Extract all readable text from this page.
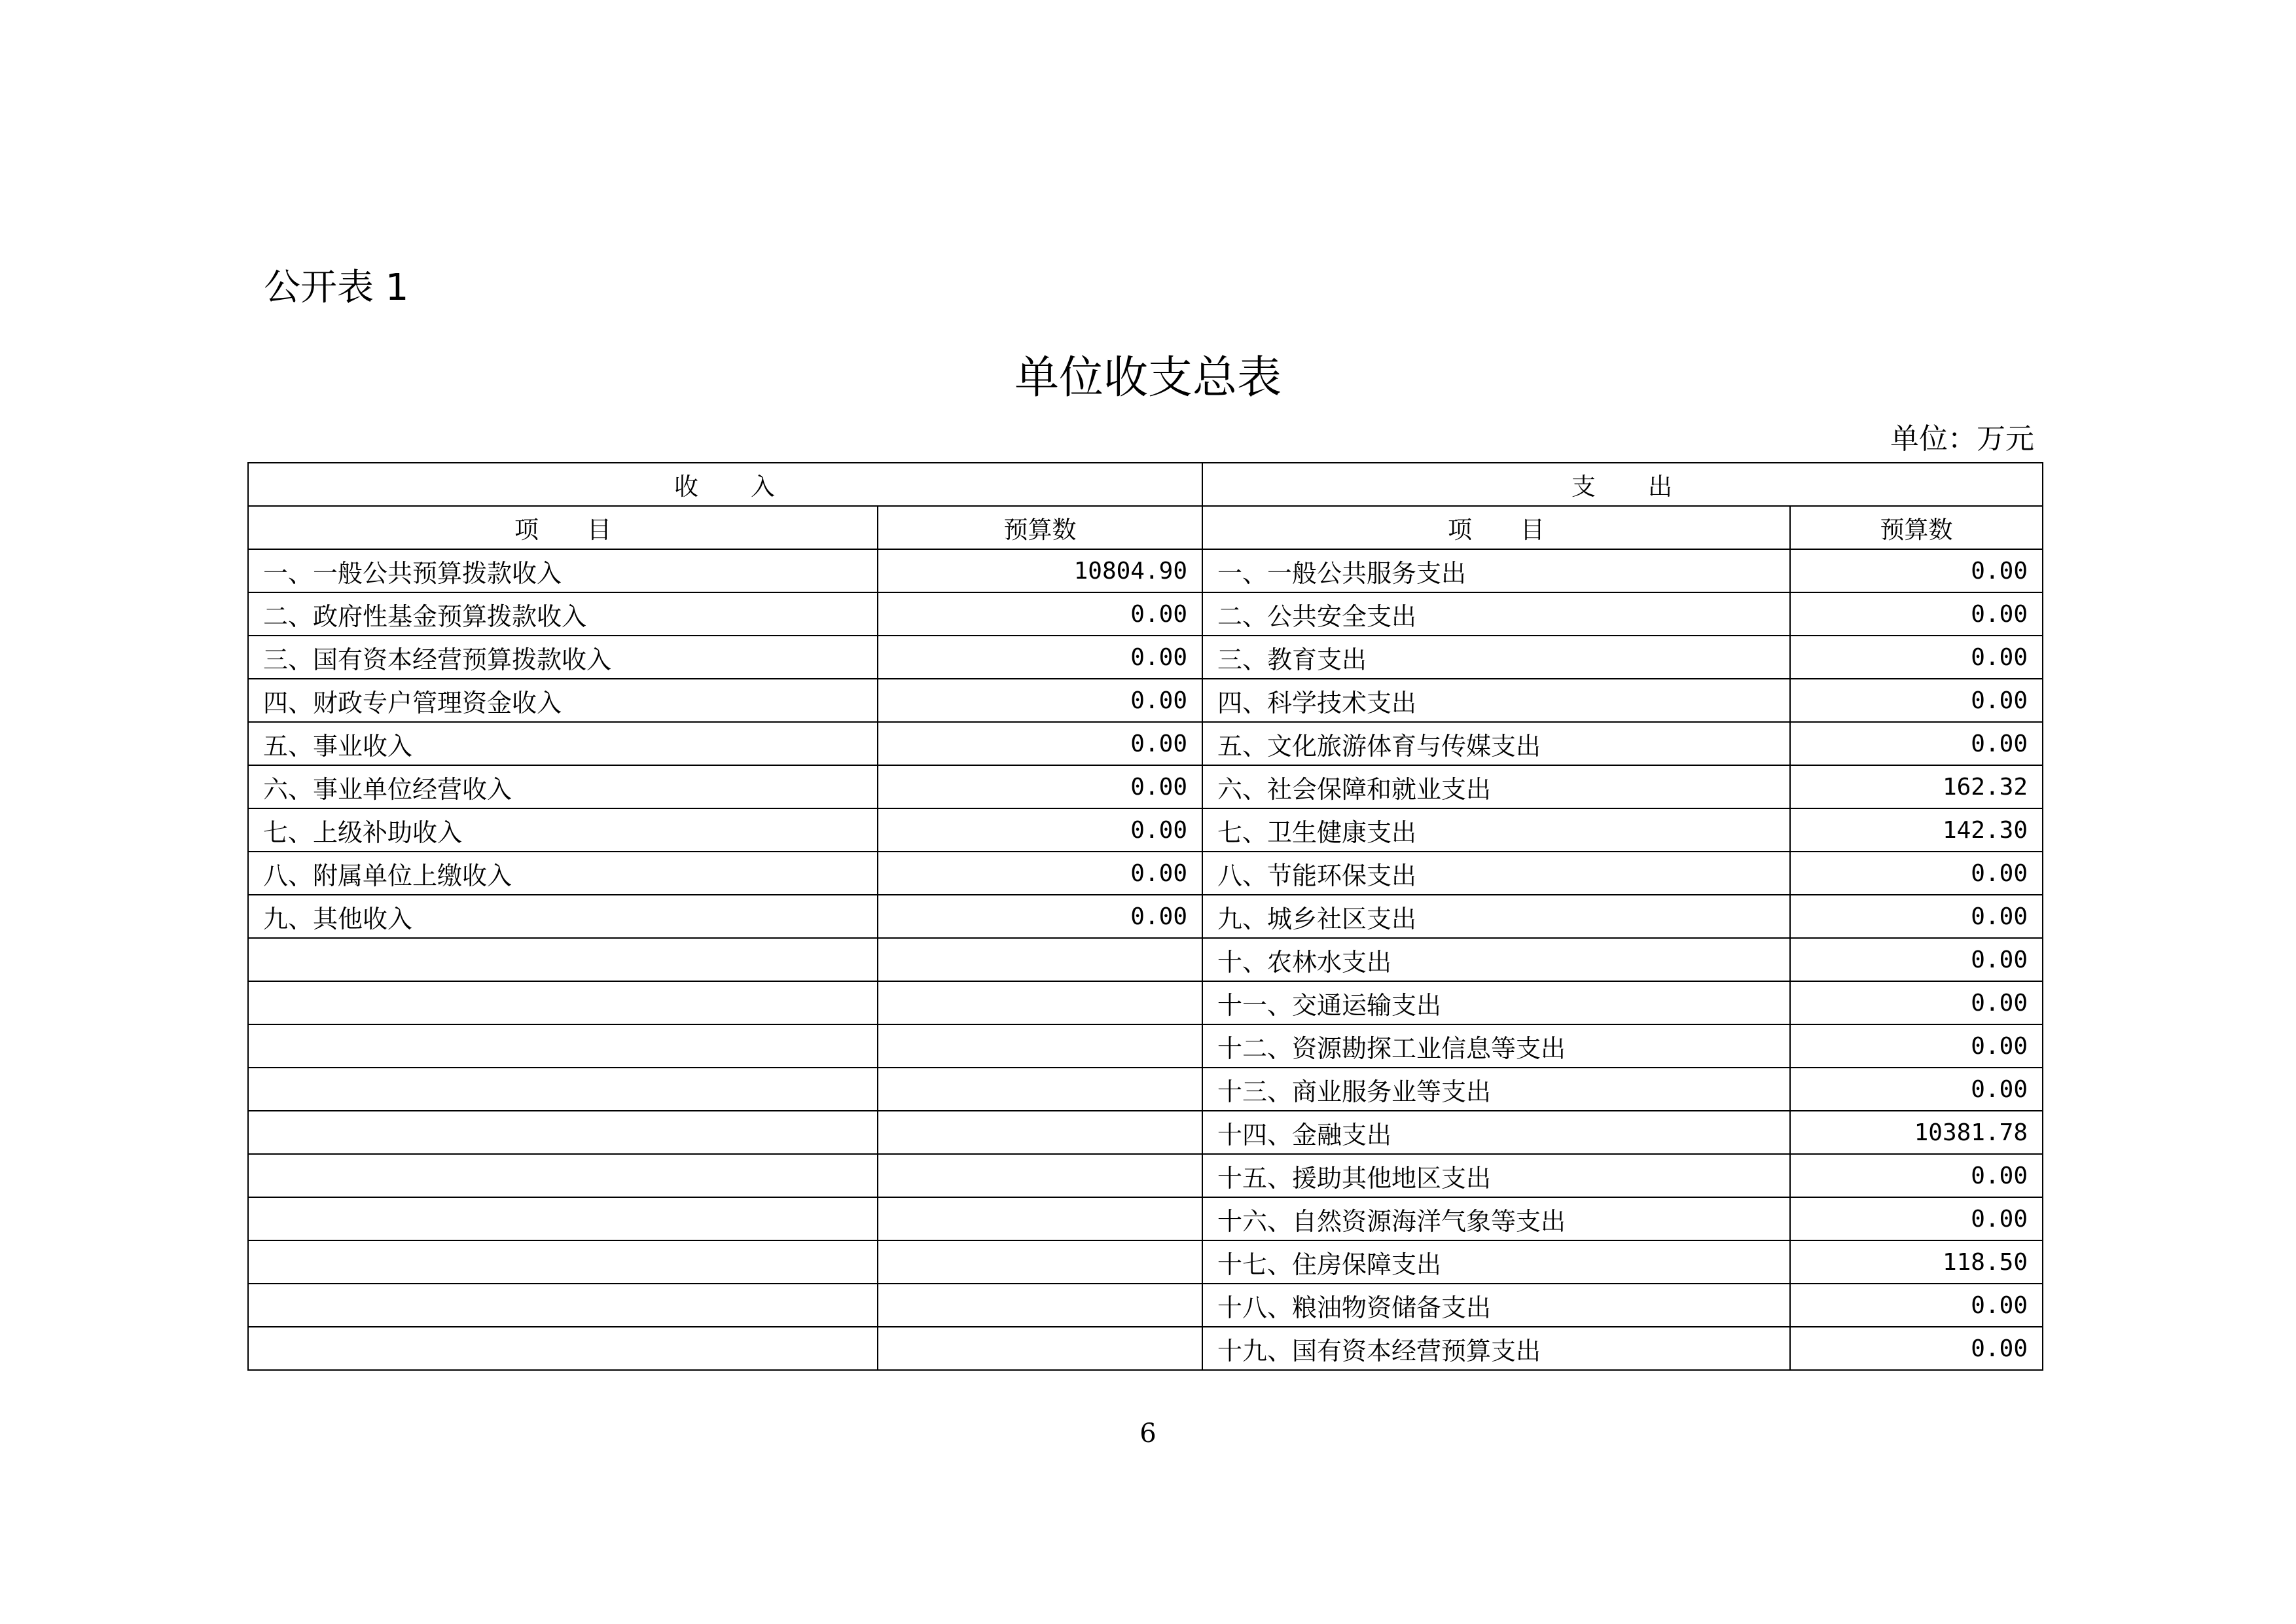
公开表 1
单位收支总表
单位：万元
收　　入		支　　出	
项　　目	预算数	项　　目	预算数
一、一般公共预算拨款收入	10804.90	一、一般公共服务支出	0.00
二、政府性基金预算拨款收入	0.00	二、公共安全支出	0.00
三、国有资本经营预算拨款收入	0.00	三、教育支出	0.00
四、财政专户管理资金收入	0.00	四、科学技术支出	0.00
五、事业收入	0.00	五、文化旅游体育与传媒支出	0.00
六、事业单位经营收入	0.00	六、社会保障和就业支出	162.32
七、上级补助收入	0.00	七、卫生健康支出	142.30
八、附属单位上缴收入	0.00	八、节能环保支出	0.00
九、其他收入	0.00	九、城乡社区支出	0.00
		十、农林水支出	0.00
		十一、交通运输支出	0.00
		十二、资源勘探工业信息等支出	0.00
		十三、商业服务业等支出	0.00
		十四、金融支出	10381.78
		十五、援助其他地区支出	0.00
		十六、自然资源海洋气象等支出	0.00
		十七、住房保障支出	118.50
		十八、粮油物资储备支出	0.00
		十九、国有资本经营预算支出	0.00
6
